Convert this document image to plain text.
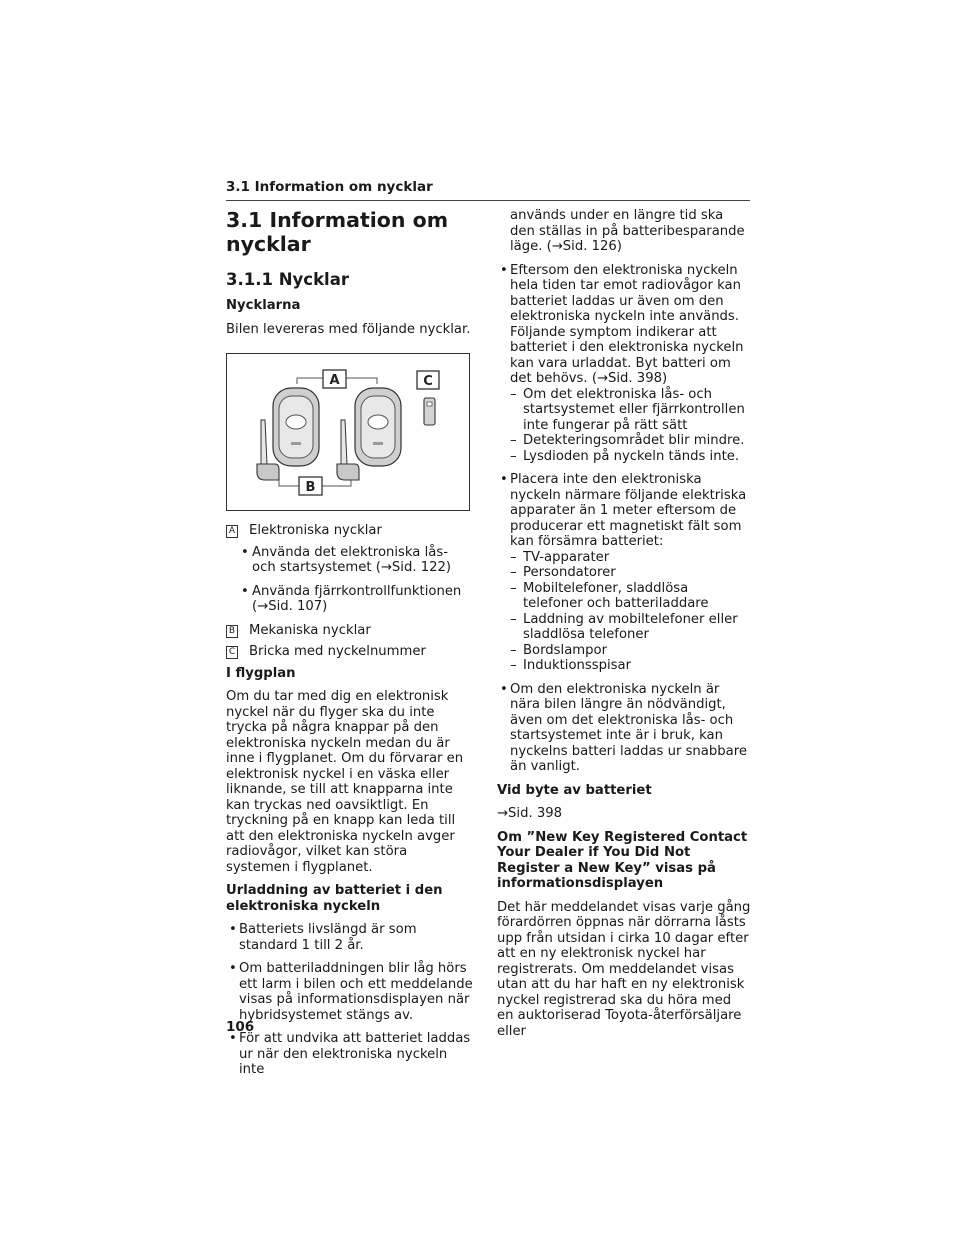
3.1 Information om nycklar
3.1 Information om nycklar
3.1.1 Nycklar

Nycklarna

Bilen levereras med följande nycklar.

A	C
B
A Elektroniska nycklar
• Använda det elektroniska lås- och startsystemet (→Sid. 122)
• Använda fjärrkontrollfunktionen (→Sid. 107)
B Mekaniska nycklar
C Bricka med nyckelnummer

I flygplan

Om du tar med dig en elektronisk nyckel när du flyger ska du inte trycka på några knappar på den elektroniska nyckeln medan du är inne i flygplanet. Om du förvarar en elektronisk nyckel i en väska eller liknande, se till att knapparna inte kan tryckas ned oavsiktligt. En tryckning på en knapp kan leda till att den elektroniska nyckeln avger radiovågor, vilket kan störa systemen i flygplanet.

Urladdning av batteriet i den elektroniska nyckeln

• Batteriets livslängd är som standard 1 till 2 år.
• Om batteriladdningen blir låg hörs ett larm i bilen och ett meddelande visas på informationsdisplayen när hybridsystemet stängs av.
• För att undvika att batteriet laddas ur när den elektroniska nyckeln inte

används under en längre tid ska den ställas in på batteribesparande läge. (→Sid. 126)

• Eftersom den elektroniska nyckeln hela tiden tar emot radiovågor kan batteriet laddas ur även om den elektroniska nyckeln inte används. Följande symptom indikerar att batteriet i den elektroniska nyckeln kan vara urladdat. Byt batteri om det behövs. (→Sid. 398)
– Om det elektroniska lås- och startsystemet eller fjärrkontrollen inte fungerar på rätt sätt
– Detekteringsområdet blir mindre.
– Lysdioden på nyckeln tänds inte.
• Placera inte den elektroniska nyckeln närmare följande elektriska apparater än 1 meter eftersom de producerar ett magnetiskt fält som kan försämra batteriet:
– TV-apparater
– Persondatorer
– Mobiltelefoner, sladdlösa telefoner och batteriladdare
– Laddning av mobiltelefoner eller sladdlösa telefoner
– Bordslampor
– Induktionsspisar
• Om den elektroniska nyckeln är nära bilen längre än nödvändigt, även om det elektroniska lås- och startsystemet inte är i bruk, kan nyckelns batteri laddas ur snabbare än vanligt.

Vid byte av batteriet

→Sid. 398

Om ”New Key Registered Contact Your Dealer if You Did Not Register a New Key” visas på informationsdisplayen

Det här meddelandet visas varje gång förardörren öppnas när dörrarna låsts upp från utsidan i cirka 10 dagar efter att en ny elektronisk nyckel har registrerats. Om meddelandet visas utan att du har haft en ny elektronisk nyckel registrerad ska du höra med en auktoriserad Toyota-återförsäljare eller

106
